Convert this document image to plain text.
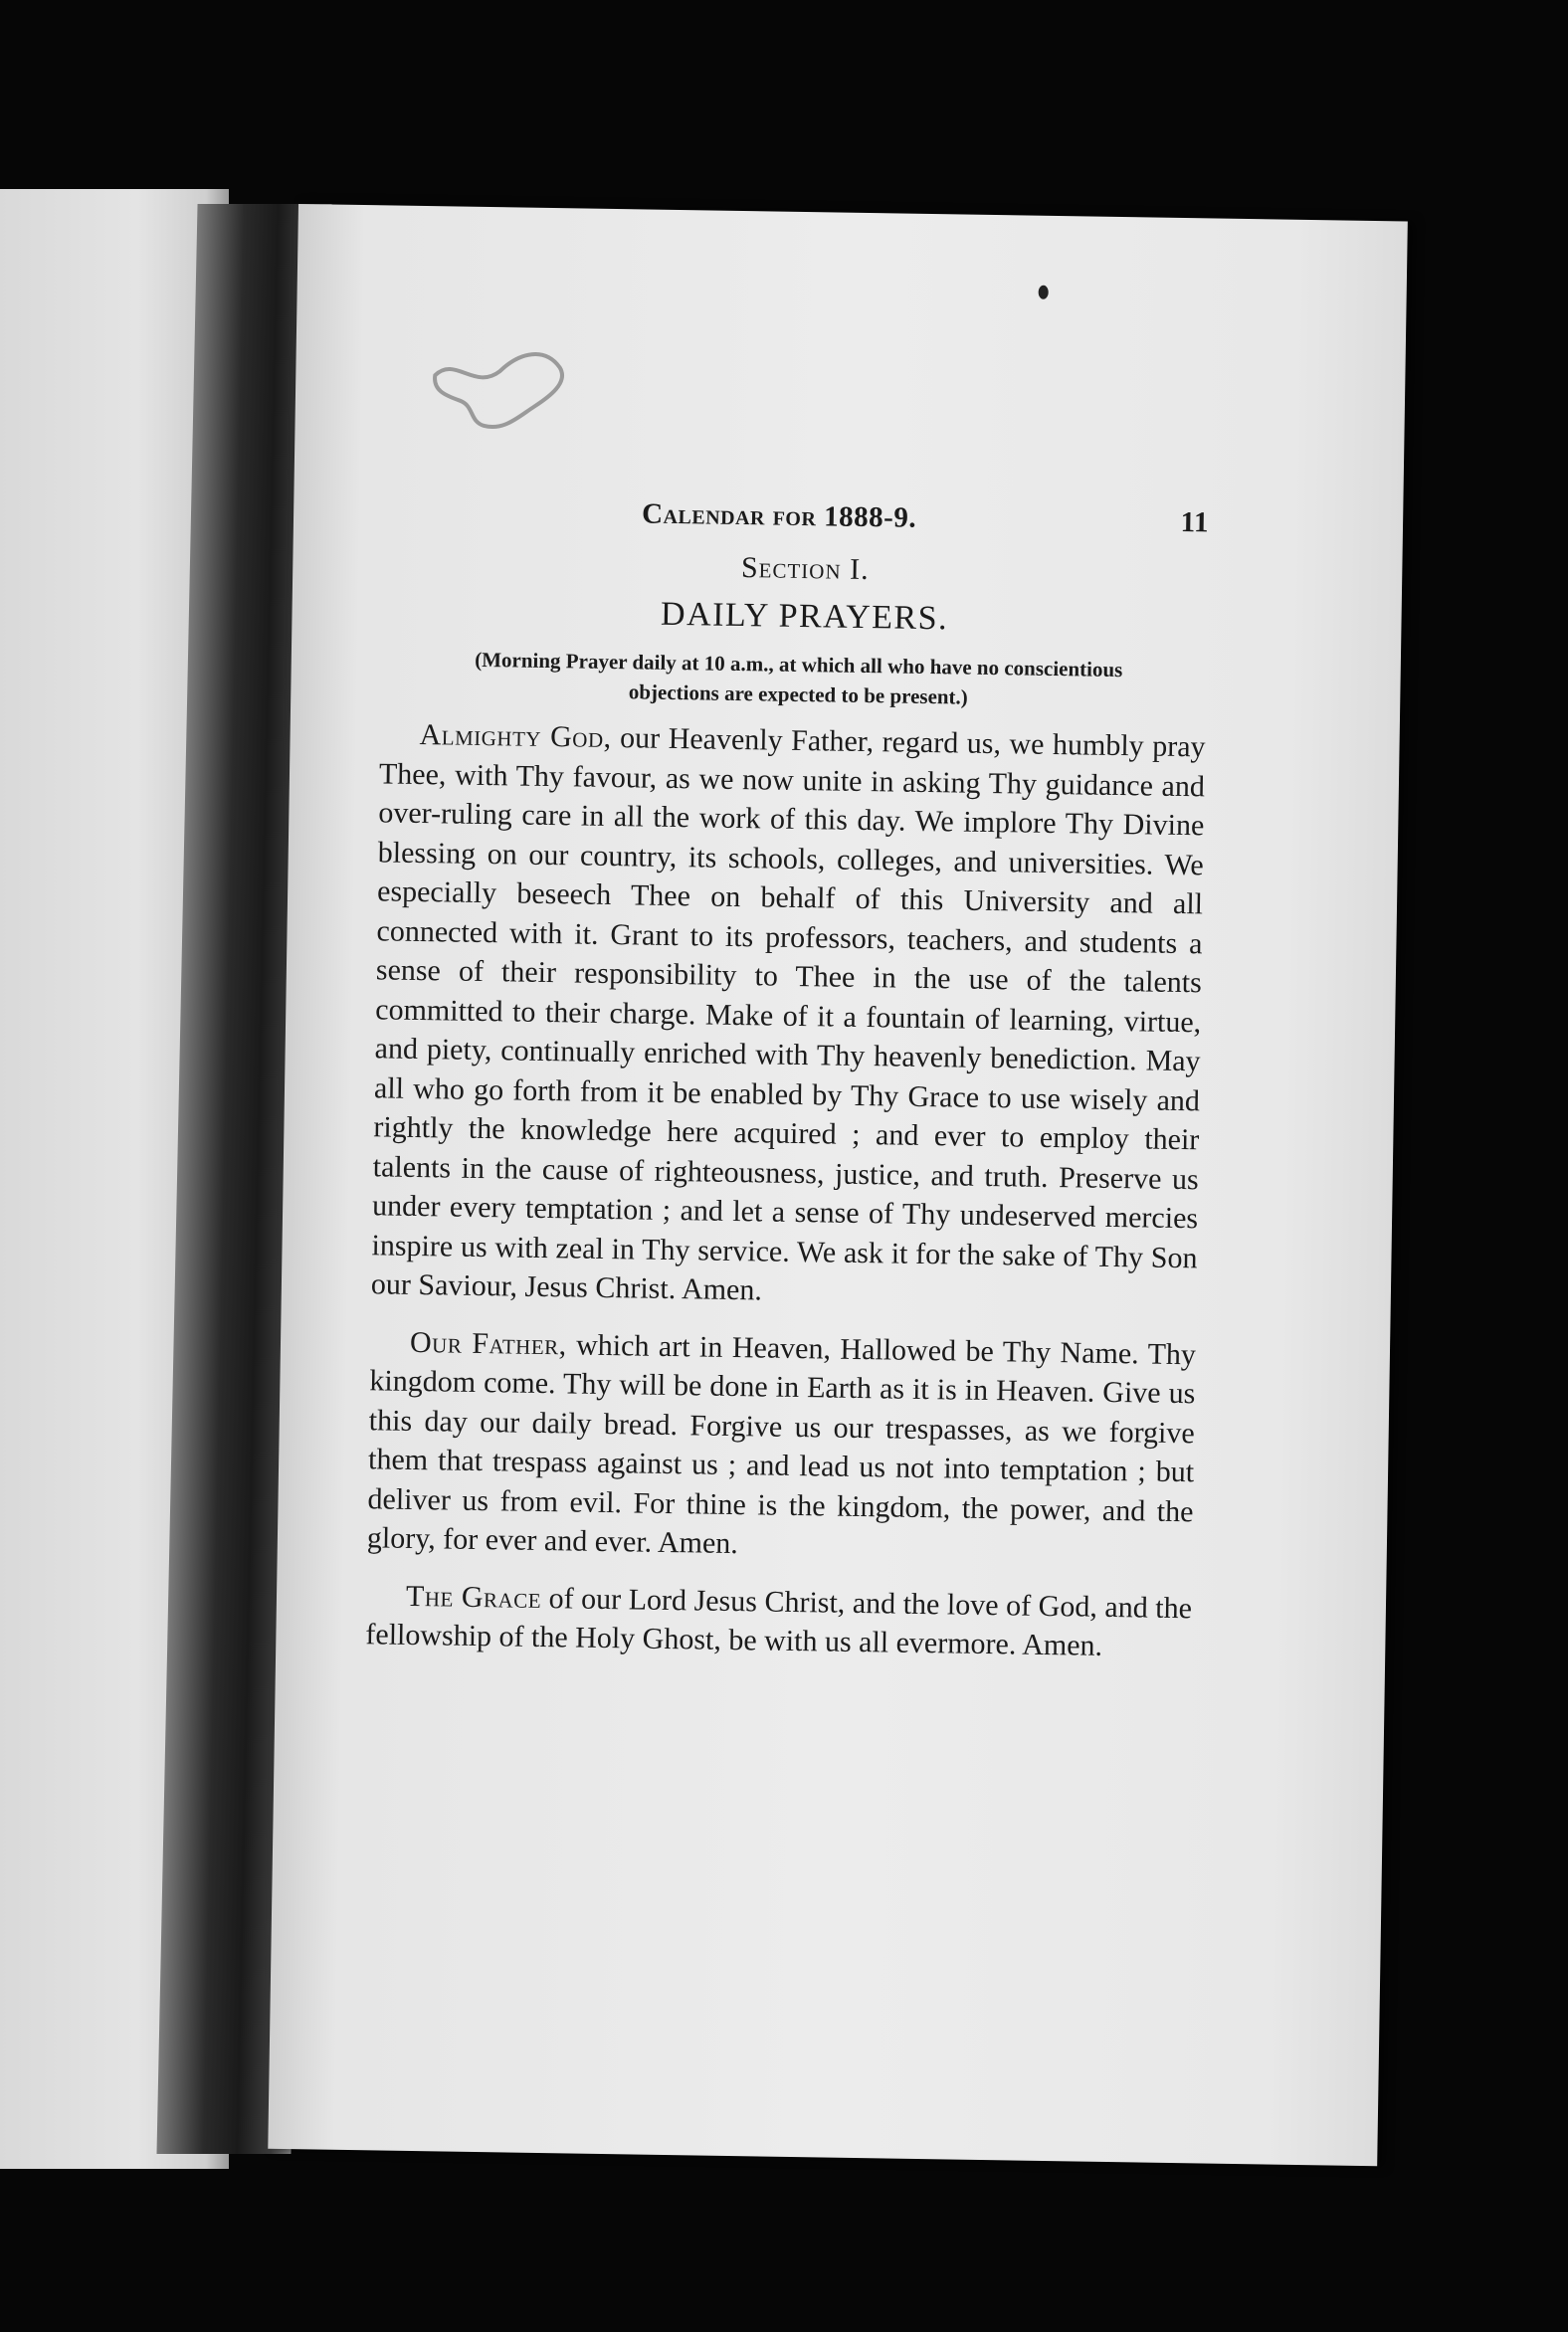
Calendar for 1888-9.	11
Section I.
DAILY PRAYERS.
(Morning Prayer daily at 10 a.m., at which all who have no conscientious
objections are expected to be present.)

Almighty God, our Heavenly Father, regard us, we humbly pray Thee, with Thy favour, as we now unite in asking Thy guidance and over-ruling care in all the work of this day. We implore Thy Divine blessing on our country, its schools, colleges, and universities. We especially beseech Thee on behalf of this University and all connected with it. Grant to its professors, teachers, and students a sense of their responsibility to Thee in the use of the talents committed to their charge. Make of it a fountain of learning, virtue, and piety, continually enriched with Thy heavenly benediction. May all who go forth from it be enabled by Thy Grace to use wisely and rightly the knowledge here acquired ; and ever to employ their talents in the cause of righteousness, justice, and truth. Preserve us under every temptation ; and let a sense of Thy undeserved mercies inspire us with zeal in Thy service. We ask it for the sake of Thy Son our Saviour, Jesus Christ. Amen.

Our Father, which art in Heaven, Hallowed be Thy Name. Thy kingdom come. Thy will be done in Earth as it is in Heaven. Give us this day our daily bread. Forgive us our trespasses, as we forgive them that trespass against us ; and lead us not into temptation ; but deliver us from evil. For thine is the kingdom, the power, and the glory, for ever and ever. Amen.

The Grace of our Lord Jesus Christ, and the love of God, and the fellowship of the Holy Ghost, be with us all evermore. Amen.
